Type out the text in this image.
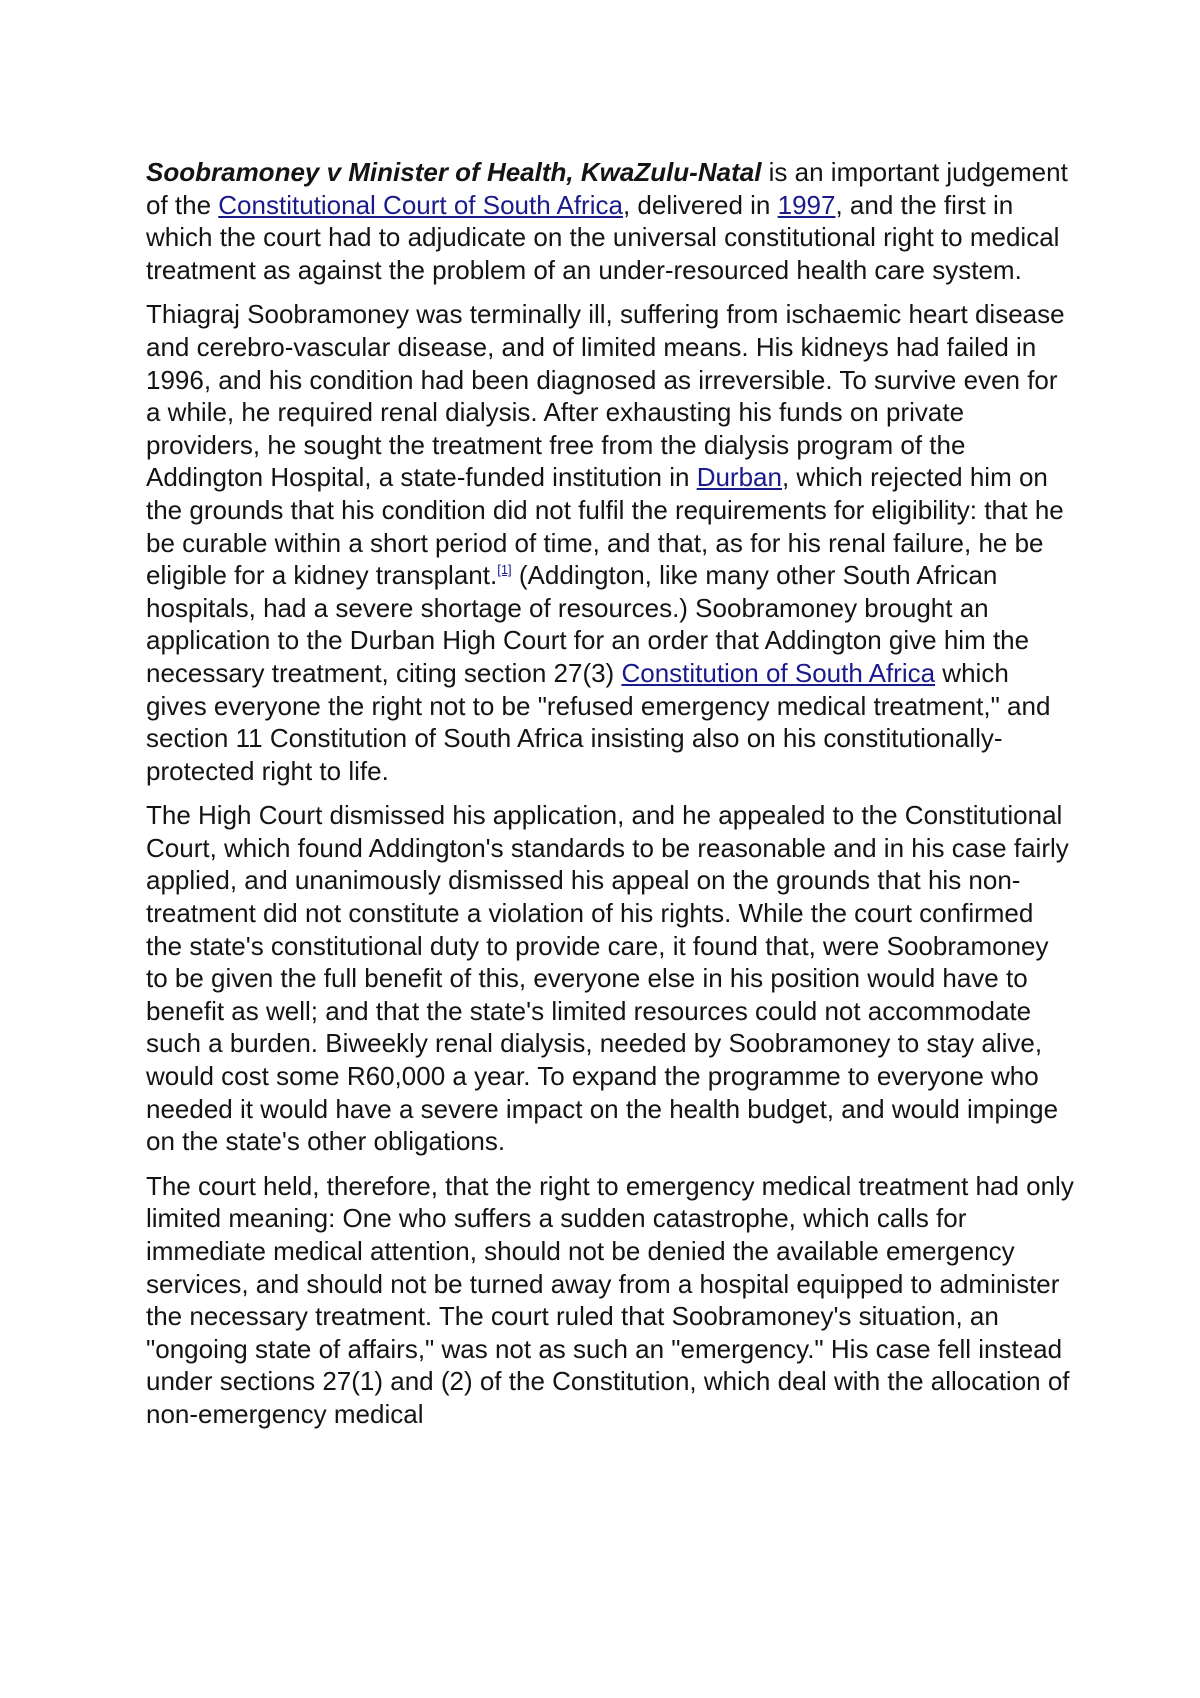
Soobramoney v Minister of Health, KwaZulu-Natal is an important judgement of the Constitutional Court of South Africa, delivered in 1997, and the first in which the court had to adjudicate on the universal constitutional right to medical treatment as against the problem of an under-resourced health care system.

Thiagraj Soobramoney was terminally ill, suffering from ischaemic heart disease and cerebro-vascular disease, and of limited means. His kidneys had failed in 1996, and his condition had been diagnosed as irreversible. To survive even for a while, he required renal dialysis. After exhausting his funds on private providers, he sought the treatment free from the dialysis program of the Addington Hospital, a state-funded institution in Durban, which rejected him on the grounds that his condition did not fulfil the requirements for eligibility: that he be curable within a short period of time, and that, as for his renal failure, he be eligible for a kidney transplant.[1] (Addington, like many other South African hospitals, had a severe shortage of resources.) Soobramoney brought an application to the Durban High Court for an order that Addington give him the necessary treatment, citing section 27(3) Constitution of South Africa which gives everyone the right not to be "refused emergency medical treatment," and section 11 Constitution of South Africa insisting also on his constitutionally-protected right to life.

The High Court dismissed his application, and he appealed to the Constitutional Court, which found Addington's standards to be reasonable and in his case fairly applied, and unanimously dismissed his appeal on the grounds that his non-treatment did not constitute a violation of his rights. While the court confirmed the state's constitutional duty to provide care, it found that, were Soobramoney to be given the full benefit of this, everyone else in his position would have to benefit as well; and that the state's limited resources could not accommodate such a burden. Biweekly renal dialysis, needed by Soobramoney to stay alive, would cost some R60,000 a year. To expand the programme to everyone who needed it would have a severe impact on the health budget, and would impinge on the state's other obligations.

The court held, therefore, that the right to emergency medical treatment had only limited meaning: One who suffers a sudden catastrophe, which calls for immediate medical attention, should not be denied the available emergency services, and should not be turned away from a hospital equipped to administer the necessary treatment. The court ruled that Soobramoney's situation, an "ongoing state of affairs," was not as such an "emergency." His case fell instead under sections 27(1) and (2) of the Constitution, which deal with the allocation of non-emergency medical
